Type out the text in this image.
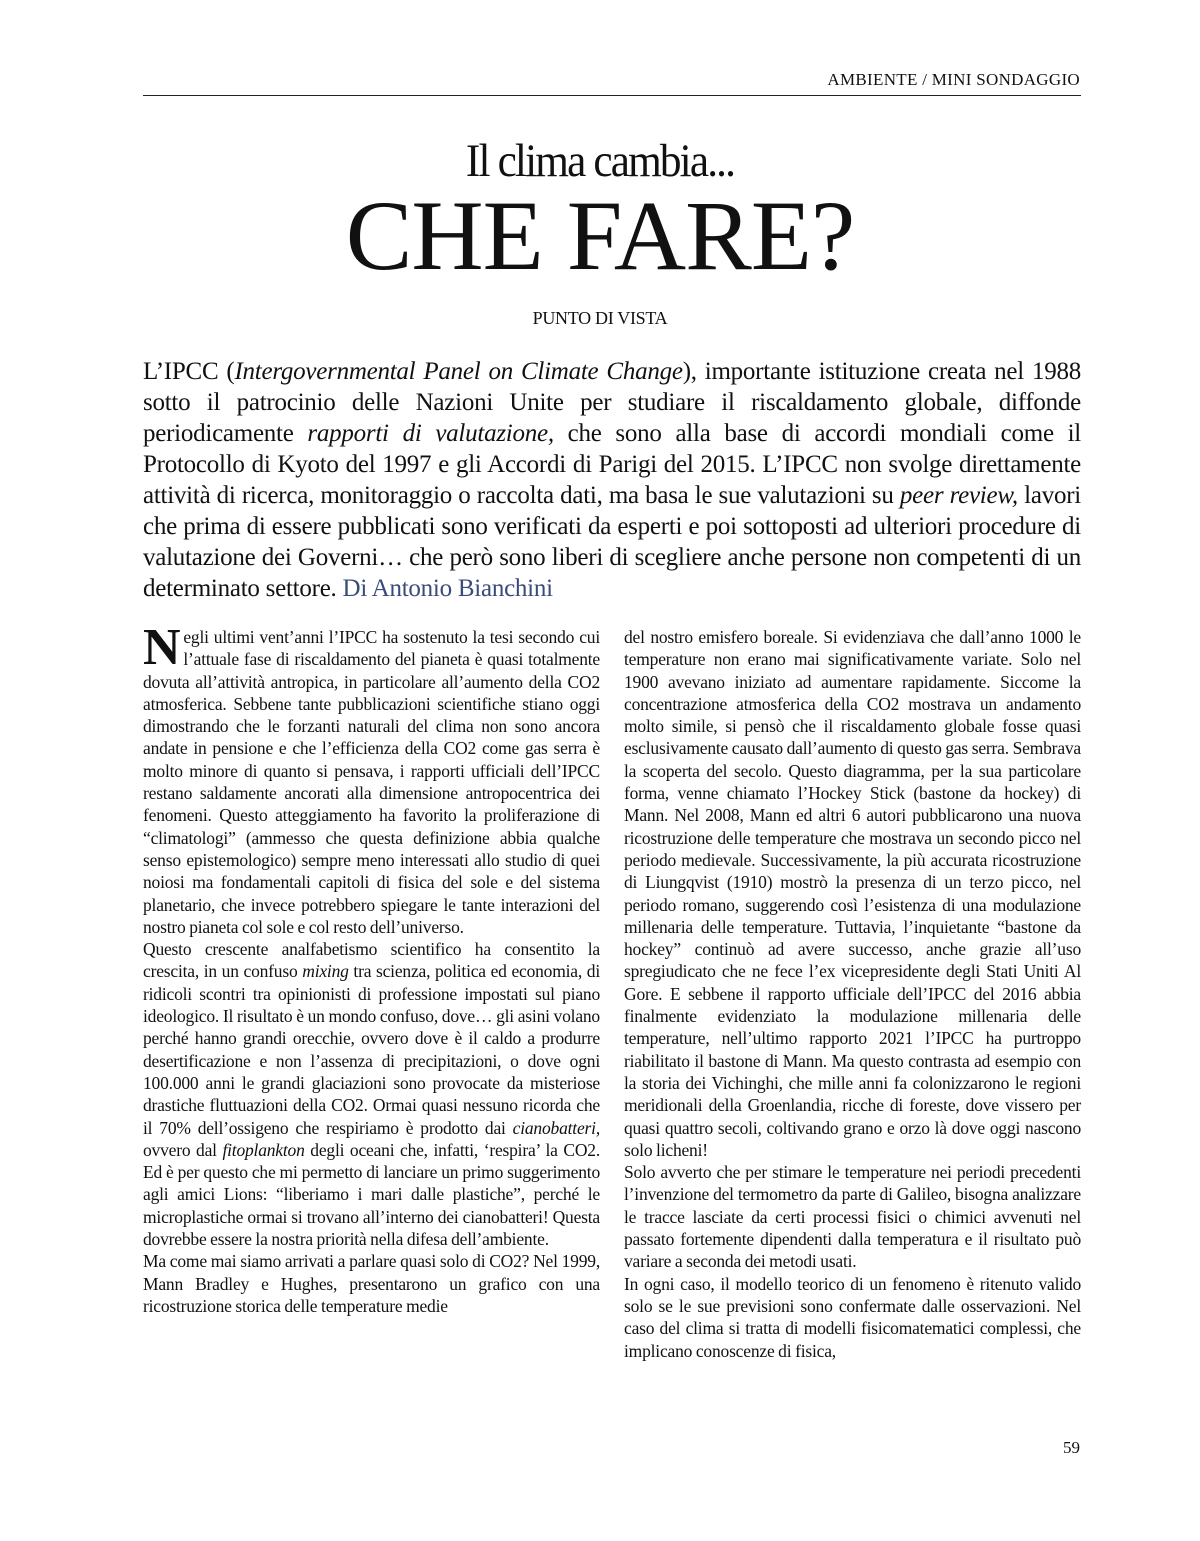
AMBIENTE / MINI SONDAGGIO
Il clima cambia...
CHE FARE?
PUNTO DI VISTA
L’IPCC (Intergovernmental Panel on Climate Change), importante istituzione creata nel 1988 sotto il patrocinio delle Nazioni Unite per studiare il riscaldamento globale, diffonde periodicamente rapporti di valutazione, che sono alla base di accordi mondiali come il Protocollo di Kyoto del 1997 e gli Accordi di Parigi del 2015. L’IPCC non svolge direttamente attività di ricerca, monitoraggio o raccolta dati, ma basa le sue valutazioni su peer review, lavori che prima di essere pubblicati sono verificati da esperti e poi sottoposti ad ulteriori procedure di valutazione dei Governi… che però sono liberi di scegliere anche persone non competenti di un determinato settore. Di Antonio Bianchini

Negli ultimi vent’anni l’IPCC ha sostenuto la tesi secondo cui l’attuale fase di riscaldamento del pianeta è quasi totalmente dovuta all’attività antropica, in particolare all’aumento della CO2 atmosferica. Sebbene tante pubblicazioni scientifiche stiano oggi dimostrando che le forzanti naturali del clima non sono ancora andate in pensione e che l’efficienza della CO2 come gas serra è molto minore di quanto si pensava, i rapporti ufficiali dell’IPCC restano saldamente ancorati alla dimensione antropocentrica dei fenomeni. Questo atteggiamento ha favorito la proliferazione di “climatologi” (ammesso che questa definizione abbia qualche senso epistemologico) sempre meno interessati allo studio di quei noiosi ma fondamentali capitoli di fisica del sole e del sistema planetario, che invece potrebbero spiegare le tante interazioni del nostro pianeta col sole e col resto dell’universo.

Questo crescente analfabetismo scientifico ha consentito la crescita, in un confuso mixing tra scienza, politica ed economia, di ridicoli scontri tra opinionisti di professione impostati sul piano ideologico. Il risultato è un mondo confuso, dove… gli asini volano perché hanno grandi orecchie, ovvero dove è il caldo a produrre desertificazione e non l’assenza di precipitazioni, o dove ogni 100.000 anni le grandi glaciazioni sono provocate da misteriose drastiche fluttuazioni della CO2. Ormai quasi nessuno ricorda che il 70% dell’ossigeno che respiriamo è prodotto dai cianobatteri, ovvero dal fitoplankton degli oceani che, infatti, ‘respira’ la CO2. Ed è per questo che mi permetto di lanciare un primo suggerimento agli amici Lions: “liberiamo i mari dalle plastiche”, perché le microplastiche ormai si trovano all’interno dei cianobatteri! Questa dovrebbe essere la nostra priorità nella difesa dell’ambiente.

Ma come mai siamo arrivati a parlare quasi solo di CO2? Nel 1999, Mann Bradley e Hughes, presentarono un grafico con una ricostruzione storica delle temperature medie

del nostro emisfero boreale. Si evidenziava che dall’anno 1000 le temperature non erano mai significativamente variate. Solo nel 1900 avevano iniziato ad aumentare rapidamente. Siccome la concentrazione atmosferica della CO2 mostrava un andamento molto simile, si pensò che il riscaldamento globale fosse quasi esclusivamente causato dall’aumento di questo gas serra. Sembrava la scoperta del secolo. Questo diagramma, per la sua particolare forma, venne chiamato l’Hockey Stick (bastone da hockey) di Mann. Nel 2008, Mann ed altri 6 autori pubblicarono una nuova ricostruzione delle temperature che mostrava un secondo picco nel periodo medievale. Successivamente, la più accurata ricostruzione di Liungqvist (1910) mostrò la presenza di un terzo picco, nel periodo romano, suggerendo così l’esistenza di una modulazione millenaria delle temperature. Tuttavia, l’inquietante “bastone da hockey” continuò ad avere successo, anche grazie all’uso spregiudicato che ne fece l’ex vicepresidente degli Stati Uniti Al Gore. E sebbene il rapporto ufficiale dell’IPCC del 2016 abbia finalmente evidenziato la modulazione millenaria delle temperature, nell’ultimo rapporto 2021 l’IPCC ha purtroppo riabilitato il bastone di Mann. Ma questo contrasta ad esempio con la storia dei Vichinghi, che mille anni fa colonizzarono le regioni meridionali della Groenlandia, ricche di foreste, dove vissero per quasi quattro secoli, coltivando grano e orzo là dove oggi nascono solo licheni!

Solo avverto che per stimare le temperature nei periodi precedenti l’invenzione del termometro da parte di Galileo, bisogna analizzare le tracce lasciate da certi processi fisici o chimici avvenuti nel passato fortemente dipendenti dalla temperatura e il risultato può variare a seconda dei metodi usati.

In ogni caso, il modello teorico di un fenomeno è ritenuto valido solo se le sue previsioni sono confermate dalle osservazioni. Nel caso del clima si tratta di modelli fisicomatematici complessi, che implicano conoscenze di fisica,

59
